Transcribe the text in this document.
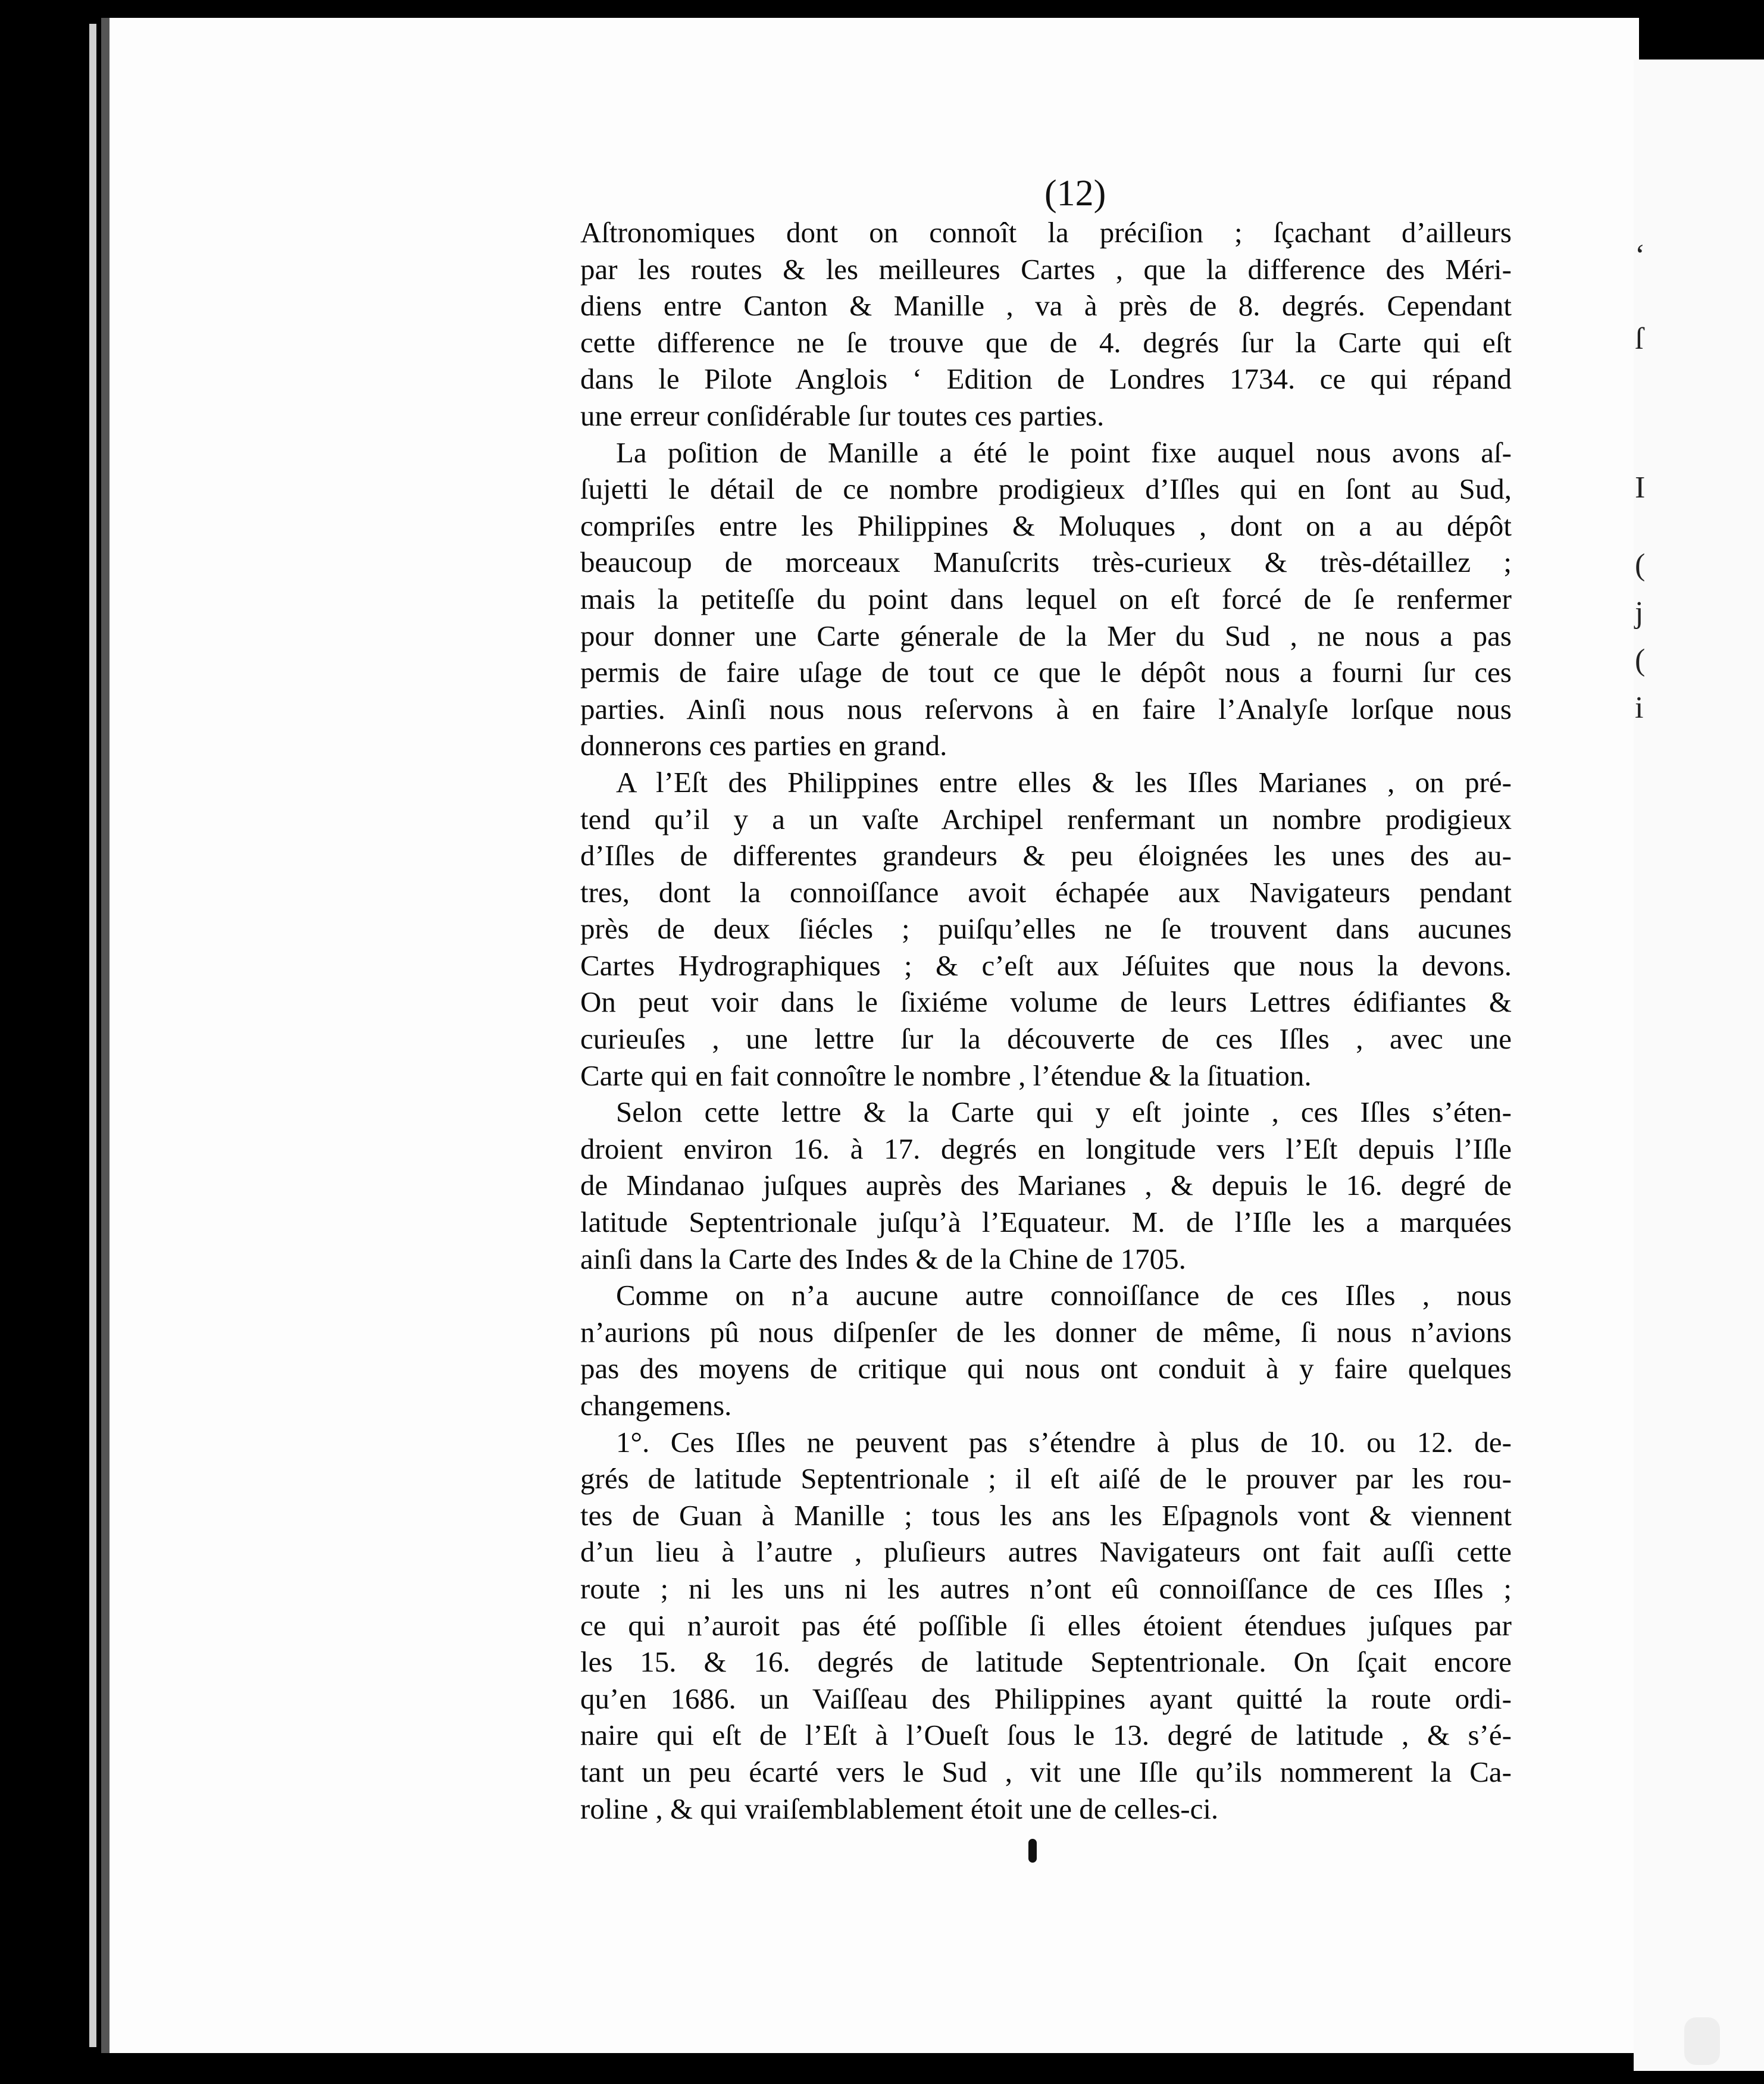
‘
ſ
I
(
j
(
i
(12)
Aſtronomiques dont on connoît la préciſion ; ſçachant d’ailleurs
par les routes & les meilleures Cartes , que la difference des Méri-
diens entre Canton & Manille , va à près de 8. degrés. Cependant
cette difference ne ſe trouve que de 4. degrés ſur la Carte qui eſt
dans le Pilote Anglois ‘ Edition de Londres 1734. ce qui répand
une erreur conſidérable ſur toutes ces parties.
La poſition de Manille a été le point fixe auquel nous avons aſ-
ſujetti le détail de ce nombre prodigieux d’Iſles qui en ſont au Sud,
compriſes entre les Philippines & Moluques , dont on a au dépôt
beaucoup de morceaux Manuſcrits très-curieux & très-détaillez ;
mais la petiteſſe du point dans lequel on eſt forcé de ſe renfermer
pour donner une Carte génerale de la Mer du Sud , ne nous a pas
permis de faire uſage de tout ce que le dépôt nous a fourni ſur ces
parties. Ainſi nous nous reſervons à en faire l’Analyſe lorſque nous
donnerons ces parties en grand.
A l’Eſt des Philippines entre elles & les Iſles Marianes , on pré-
tend qu’il y a un vaſte Archipel renfermant un nombre prodigieux
d’Iſles de differentes grandeurs & peu éloignées les unes des au-
tres, dont la connoiſſance avoit échapée aux Navigateurs pendant
près de deux ſiécles ; puiſqu’elles ne ſe trouvent dans aucunes
Cartes Hydrographiques ; & c’eſt aux Jéſuites que nous la devons.
On peut voir dans le ſixiéme volume de leurs Lettres édifiantes &
curieuſes , une lettre ſur la découverte de ces Iſles , avec une
Carte qui en fait connoître le nombre , l’étendue & la ſituation.
Selon cette lettre & la Carte qui y eſt jointe , ces Iſles s’éten-
droient environ 16. à 17. degrés en longitude vers l’Eſt depuis l’Iſle
de Mindanao juſques auprès des Marianes , & depuis le 16. degré de
latitude Septentrionale juſqu’à l’Equateur. M. de l’Iſle les a marquées
ainſi dans la Carte des Indes & de la Chine de 1705.
Comme on n’a aucune autre connoiſſance de ces Iſles , nous
n’aurions pû nous diſpenſer de les donner de même, ſi nous n’avions
pas des moyens de critique qui nous ont conduit à y faire quelques
changemens.
1°. Ces Iſles ne peuvent pas s’étendre à plus de 10. ou 12. de-
grés de latitude Septentrionale ; il eſt aiſé de le prouver par les rou-
tes de Guan à Manille ; tous les ans les Eſpagnols vont & viennent
d’un lieu à l’autre , pluſieurs autres Navigateurs ont fait auſſi cette
route ; ni les uns ni les autres n’ont eû connoiſſance de ces Iſles ;
ce qui n’auroit pas été poſſible ſi elles étoient étendues juſques par
les 15. & 16. degrés de latitude Septentrionale. On ſçait encore
qu’en 1686. un Vaiſſeau des Philippines ayant quitté la route ordi-
naire qui eſt de l’Eſt à l’Oueſt ſous le 13. degré de latitude , & s’é-
tant un peu écarté vers le Sud , vit une Iſle qu’ils nommerent la Ca-
roline , & qui vraiſemblablement étoit une de celles-ci.
